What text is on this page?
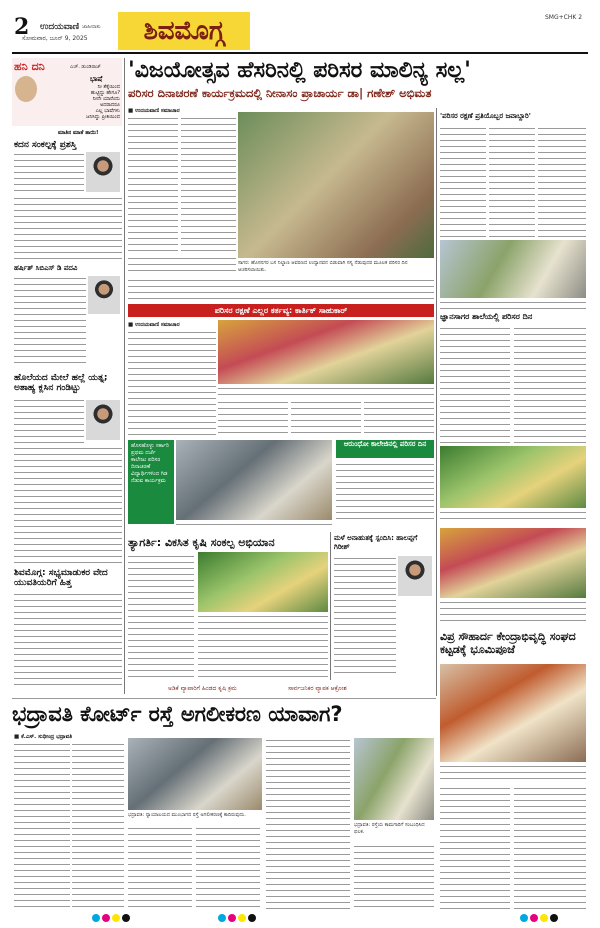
2 ಉದಯವಾಣಿ ಜಾಹೀರಾತು
ಸೋಮವಾರ, ಜೂನ್ 9, 2025	ಶಿವಮೊಗ್ಗ	SMG+CHK 2
ಹನಿ ದನಿ	ಎಚ್. ಡುಂಡಿರಾಜ್
ಭಾಷೆ
ನೀ ತೆಕ್ಕೆಯಿಂದ
ಹುಟ್ಟಿದ್ದು ಹೇಗೂ?
ನೀನೇ ಯಾರೆಂದು
ಅದರಾದರೂ
ಎಲ್ಲ ಭಾಷೆಗಳು
ಜನಿಸಿದ್ದು ಪ್ರೀತಿಯಿಂದ
ಮಾತಿನ ಮಾತೆ ತಾಯಿ!
ಕದನ ಸಂಕಲ್ಪಕ್ಕೆ ಪ್ರಶಸ್ತಿ
ಹರ್ಷಿತ್ ಸಿಬಿಎಸ್ ಡಿ ಪದವಿ
ಹೊಲೆಯದ ಮೇಲೆ ಹಲ್ಲೆ ಯತ್ನ; ಅತಾಹ್ಯ ಕ್ಲಸಿನ ಗಂಡಿಟ್ಟು
ಶಿವಮೊಗ್ಗ: ಸಭ್ಯಮಾಡುಕರ ವೇದ ಯುವತಿಯರಿಗೆ ಹಿತ್ತ
'ವಿಜಯೋತ್ಸವ ಹೆಸರಿನಲ್ಲಿ ಪರಿಸರ ಮಾಲಿನ್ಯ ಸಲ್ಲ'
ಪರಿಸರ ದಿನಾಚರಣೆ ಕಾರ್ಯಕ್ರಮದಲ್ಲಿ ನೀನಾಸಂ ಪ್ರಾಚಾರ್ಯ ಡಾ| ಗಣೇಶ್ ಅಭಿಮತ
■ ಉದಯವಾಣಿ ಸಮಾಚಾರ
ಸಾಗರ: ಹೊಸನಗರ ಬಸ ನಿಲ್ದಾಣ ಆವರಣದ ಉದ್ಯಾನವನ ಬಿಡುವಾಗಿ ಸಸ್ಯ ನೆಡುವುದರ ಮೂಲಕ ಪರಿಸರ ದಿನ ಆಚರಿಸಲಾಯಿತು.
'ಪರಿಸರ ರಕ್ಷಣೆ ಪ್ರತಿಯೊಬ್ಬರ ಜವಾಬ್ದಾರಿ'
ಜ್ಞಾನಸಾಗರ ಶಾಲೆಯಲ್ಲಿ ಪರಿಸರ ದಿನ
ವಿಪ್ರ ಸೌಹಾರ್ದ ಕೇಂದ್ರಾಭಿವೃದ್ಧಿ ಸಂಘದ ಕಟ್ಟಡಕ್ಕೆ ಭೂಮಿಪೂಜೆ
ಪರಿಸರ ರಕ್ಷಣೆ ಎಲ್ಲರ ಕರ್ತವ್ಯ: ಕಾರ್ತಿಕ್ ಸಾಹುಕಾರ್
■ ಉದಯವಾಣಿ ಸಮಾಚಾರ
ಹೊಸಹೊಳ್ಳು ಸರ್ಕಾರಿ ಪ್ರಥಮ ದರ್ಜೆ ಕಾಲೇಜು ಪರಿಸರ ದಿನಾಚರಣೆ ವಿದ್ಯಾರ್ಥಿಗಳಿಂದ ಗಿಡ ನೆಡುವ ಕಾರ್ಯಕ್ರಮ
ಆರುಂಧೋ ಕಾಲೇಜಿನಲ್ಲಿ ಪರಿಸರ ದಿನ
ತ್ಯಾಗರ್ತಿ: ವಿಕಸಿತ ಕೃಷಿ ಸಂಕಲ್ಪ ಅಭಿಯಾನ	ಮಳೆ ಅನಾಹುತಕ್ಕೆ ಸ್ಪಂದಿಸಿ: ಹಾಲಪ್ಪಗೆ ಗಿರೀಶ್
ಅಡಿಕೆ ವ್ಯಾಪಾರಿಗೆ ಹಿಂಡದ ಕೃಷಿ ಕ್ರಮ	ಸಾರ್ವಜನಿಕರ ವ್ಯಾಪಕ ಆಕ್ರೋಶ
ಭದ್ರಾವತಿ ಕೋರ್ಟ್ ರಸ್ತೆ ಅಗಲೀಕರಣ ಯಾವಾಗ?
■ ಕೆ.ಎಸ್. ಸುಧೀಂದ್ರ ಭದ್ರಾವತಿ
ಭದ್ರಾವತಿ: ನ್ಯಾಯಾಲಯದ ಮುಂಭಾಗದ ರಸ್ತೆ ಅಗಲೀಕರಣಕ್ಕೆ ಕಾದಿರುವುದು.
ಭದ್ರಾವತಿ: ರಸ್ತೆಯ ಕಾಮಗಾರಿಗೆ ಸಂಬಂಧಿಸಿದ ಫಲಕ.
